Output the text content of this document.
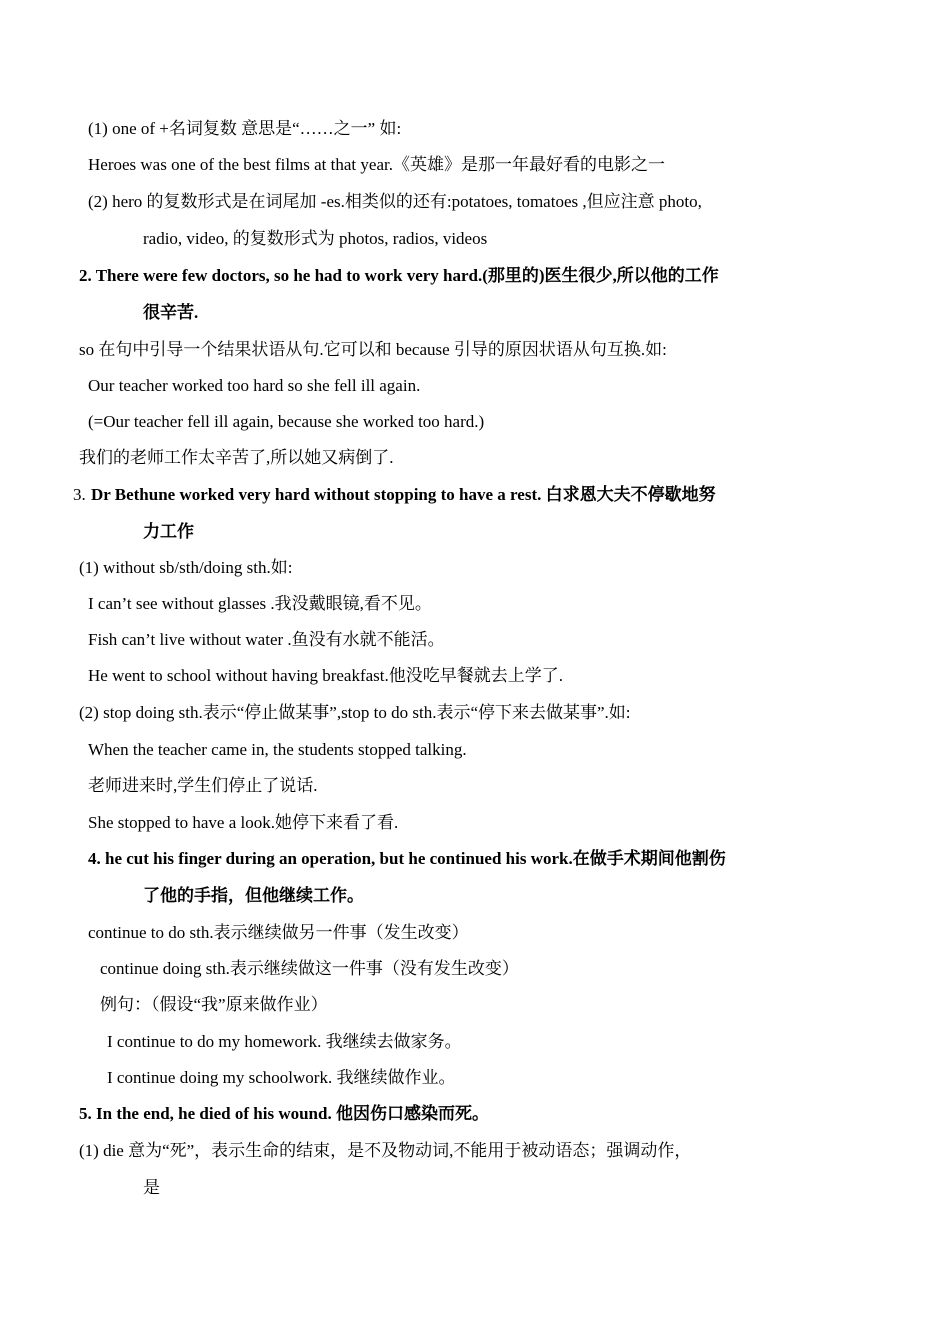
(1) one of +名词复数 意思是“……之一” 如:
Heroes was one of the best films at that year.《英雄》是那一年最好看的电影之一
(2) hero 的复数形式是在词尾加 -es.相类似的还有:potatoes, tomatoes ,但应注意 photo,
radio, video, 的复数形式为 photos, radios, videos
2. There were few doctors, so he had to work very hard.(那里的)医生很少,所以他的工作
很辛苦.
so 在句中引导一个结果状语从句.它可以和 because 引导的原因状语从句互换.如:
Our teacher worked too hard so she fell ill again.
(=Our teacher fell ill again, because she worked too hard.)
我们的老师工作太辛苦了,所以她又病倒了.
3. Dr Bethune worked very hard without stopping to have a rest. 白求恩大夫不停歇地努
力工作
(1) without sb/sth/doing sth.如:
I can’t see without glasses .我没戴眼镜,看不见。
Fish can’t live without water .鱼没有水就不能活。
He went to school without having breakfast.他没吃早餐就去上学了.
(2) stop doing sth.表示“停止做某事”,stop to do sth.表示“停下来去做某事”.如:
When the teacher came in, the students stopped talking.
老师进来时,学生们停止了说话.
She stopped to have a look.她停下来看了看.
4. he cut his finger during an operation, but he continued his work.在做手术期间他割伤
了他的手指，但他继续工作。
continue to do sth.表示继续做另一件事（发生改变）
continue doing sth.表示继续做这一件事（没有发生改变）
例句：（假设“我”原来做作业）
I continue to do my homework. 我继续去做家务。
I continue doing my schoolwork. 我继续做作业。
5. In the end, he died of his wound. 他因伤口感染而死。
(1) die 意为“死”，表示生命的结束，是不及物动词,不能用于被动语态；强调动作，
是
